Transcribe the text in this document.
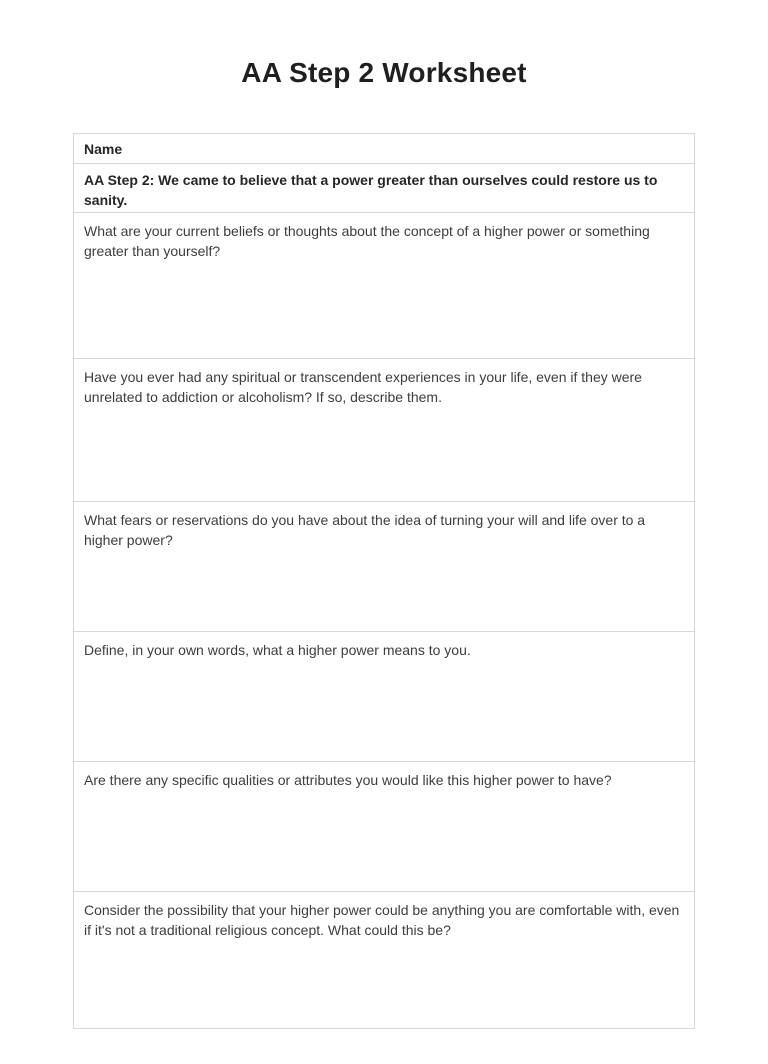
AA Step 2 Worksheet
Name
AA Step 2: We came to believe that a power greater than ourselves could restore us to sanity.
What are your current beliefs or thoughts about the concept of a higher power or something greater than yourself?
Have you ever had any spiritual or transcendent experiences in your life, even if they were unrelated to addiction or alcoholism? If so, describe them.
What fears or reservations do you have about the idea of turning your will and life over to a higher power?
Define, in your own words, what a higher power means to you.
Are there any specific qualities or attributes you would like this higher power to have?
Consider the possibility that your higher power could be anything you are comfortable with, even if it's not a traditional religious concept. What could this be?
